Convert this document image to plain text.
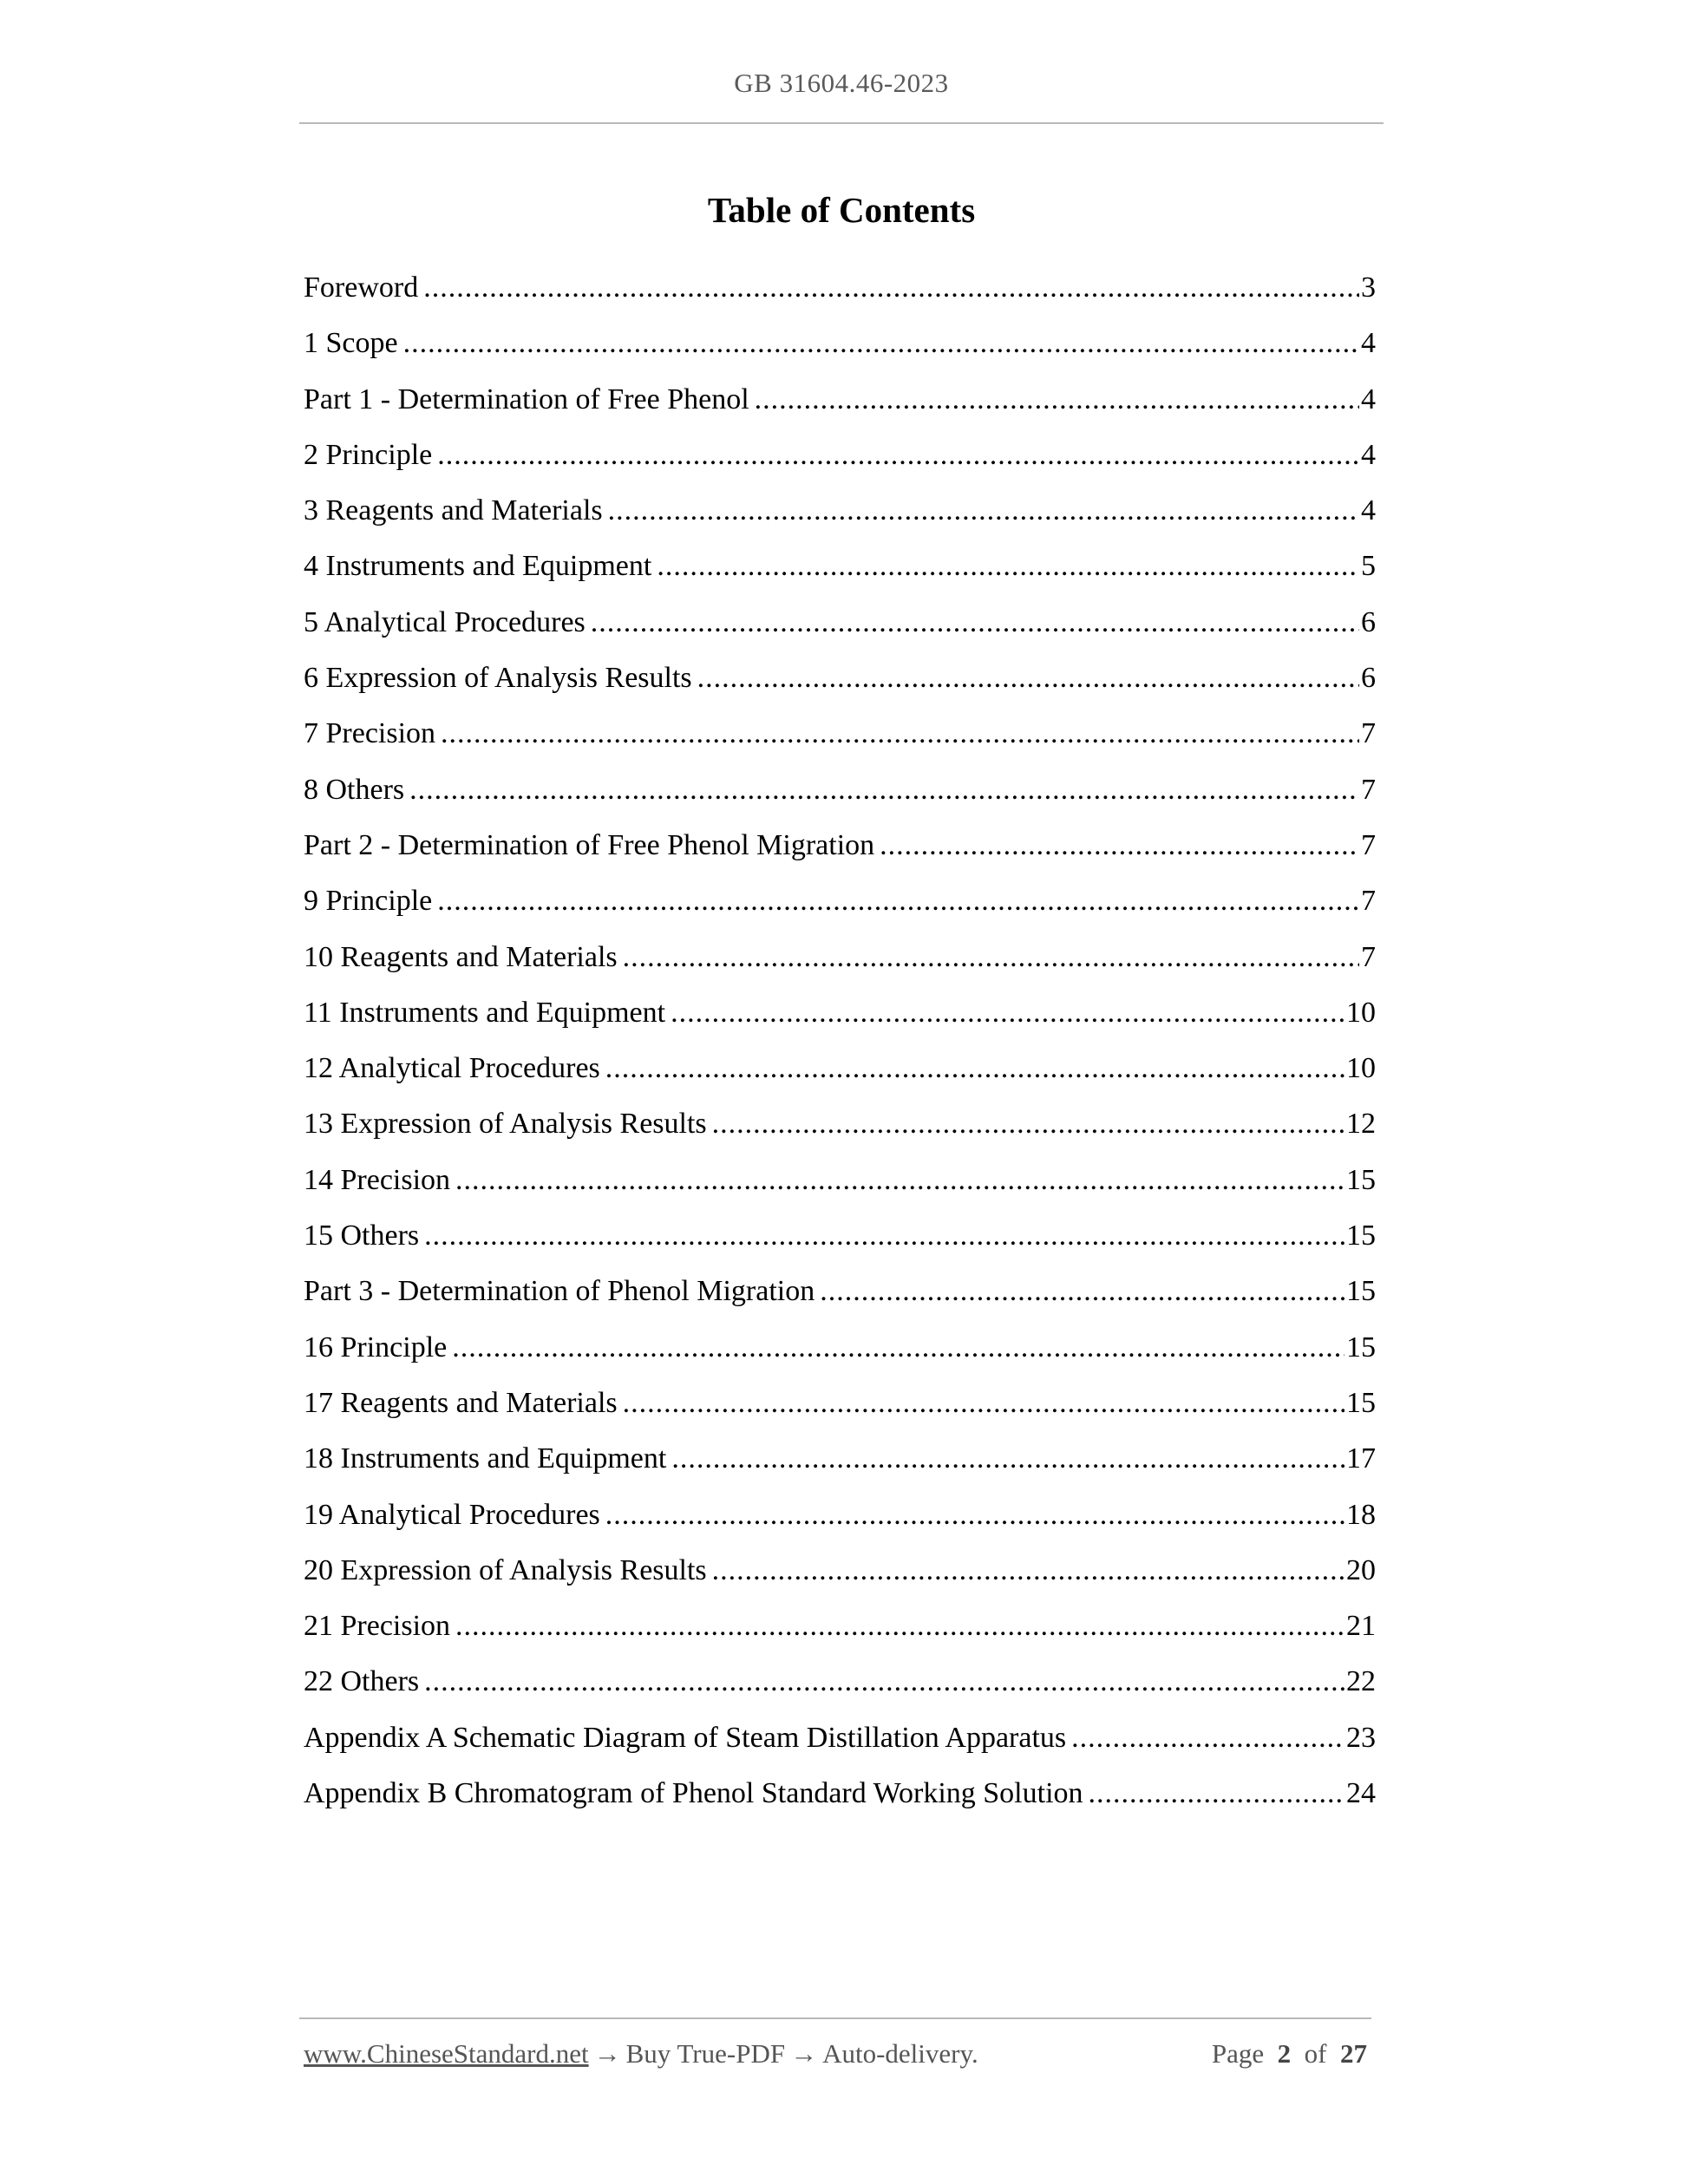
GB 31604.46-2023
Table of Contents
Foreword .....	3
1 Scope .....	4
Part 1 - Determination of Free Phenol .....	4
2 Principle .....	4
3 Reagents and Materials .....	4
4 Instruments and Equipment .....	5
5 Analytical Procedures .....	6
6 Expression of Analysis Results .....	6
7 Precision .....	7
8 Others .....	7
Part 2 - Determination of Free Phenol Migration .....	7
9 Principle .....	7
10 Reagents and Materials .....	7
11 Instruments and Equipment .....	10
12 Analytical Procedures .....	10
13 Expression of Analysis Results .....	12
14 Precision .....	15
15 Others .....	15
Part 3 - Determination of Phenol Migration .....	15
16 Principle .....	15
17 Reagents and Materials .....	15
18 Instruments and Equipment .....	17
19 Analytical Procedures .....	18
20 Expression of Analysis Results .....	20
21 Precision .....	21
22 Others .....	22
Appendix A Schematic Diagram of Steam Distillation Apparatus .....	23
Appendix B Chromatogram of Phenol Standard Working Solution .....	24
www.ChineseStandard.net → Buy True-PDF → Auto-delivery.	Page 2 of 27
